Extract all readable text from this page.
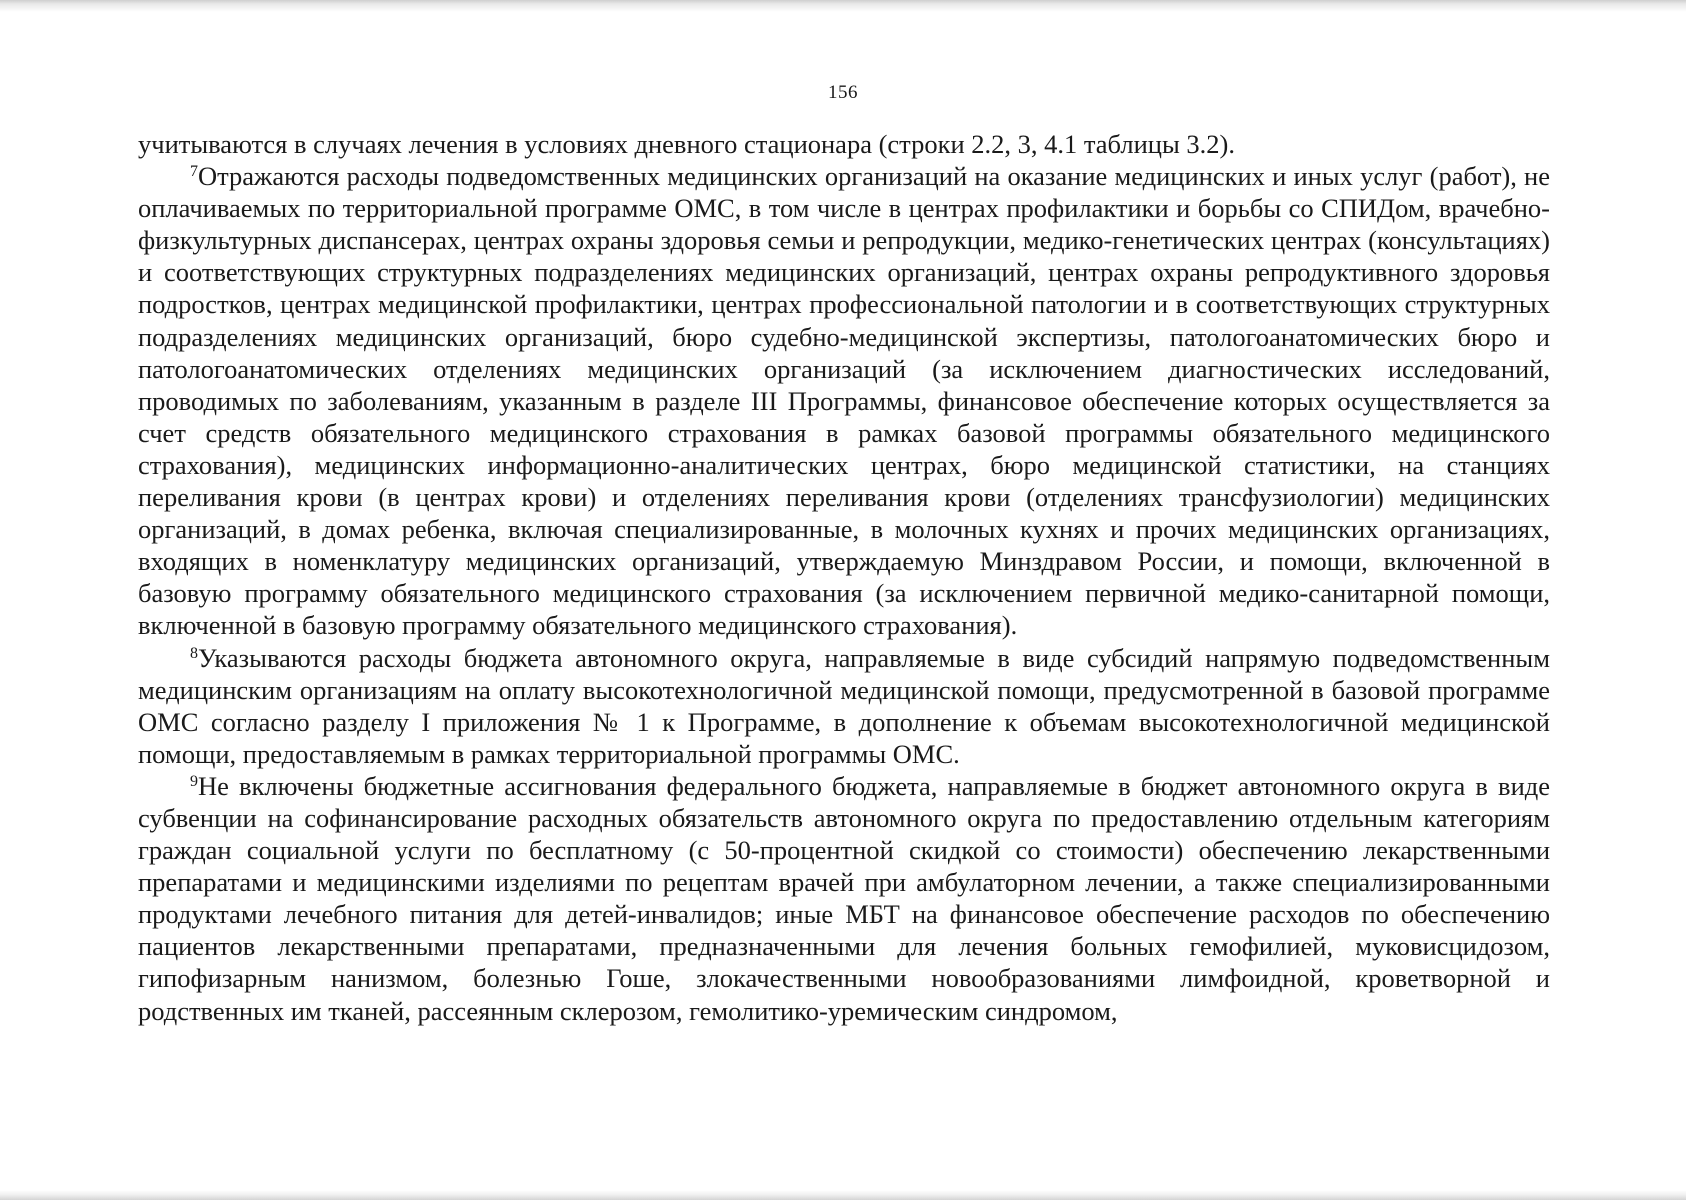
156

учитываются в случаях лечения в условиях дневного стационара (строки 2.2, 3, 4.1 таблицы 3.2).

$^7$Отражаются расходы подведомственных медицинских организаций на оказание медицинских и иных услуг (работ), не оплачиваемых по территориальной программе ОМС, в том числе в центрах профилактики и борьбы со СПИДом, врачебно-физкультурных диспансерах, центрах охраны здоровья семьи и репродукции, медико-генетических центрах (консультациях) и соответствующих структурных подразделениях медицинских организаций, центрах охраны репродуктивного здоровья подростков, центрах медицинской профилактики, центрах профессиональной патологии и в соответствующих структурных подразделениях медицинских организаций, бюро судебно-медицинской экспертизы, патологоанатомических бюро и патологоанатомических отделениях медицинских организаций (за исключением диагностических исследований, проводимых по заболеваниям, указанным в разделе III Программы, финансовое обеспечение которых осуществляется за счет средств обязательного медицинского страхования в рамках базовой программы обязательного медицинского страхования), медицинских информационно-аналитических центрах, бюро медицинской статистики, на станциях переливания крови (в центрах крови) и отделениях переливания крови (отделениях трансфузиологии) медицинских организаций, в домах ребенка, включая специализированные, в молочных кухнях и прочих медицинских организациях, входящих в номенклатуру медицинских организаций, утверждаемую Минздравом России, и помощи, включенной в базовую программу обязательного медицинского страхования (за исключением первичной медико-санитарной помощи, включенной в базовую программу обязательного медицинского страхования).

$^8$Указываются расходы бюджета автономного округа, направляемые в виде субсидий напрямую подведомственным медицинским организациям на оплату высокотехнологичной медицинской помощи, предусмотренной в базовой программе ОМС согласно разделу I приложения № 1 к Программе, в дополнение к объемам высокотехнологичной медицинской помощи, предоставляемым в рамках территориальной программы ОМС.

$^9$Не включены бюджетные ассигнования федерального бюджета, направляемые в бюджет автономного округа в виде субвенции на софинансирование расходных обязательств автономного округа по предоставлению отдельным категориям граждан социальной услуги по бесплатному (с 50-процентной скидкой со стоимости) обеспечению лекарственными препаратами и медицинскими изделиями по рецептам врачей при амбулаторном лечении, а также специализированными продуктами лечебного питания для детей-инвалидов; иные МБТ на финансовое обеспечение расходов по обеспечению пациентов лекарственными препаратами, предназначенными для лечения больных гемофилией, муковисцидозом, гипофизарным нанизмом, болезнью Гоше, злокачественными новообразованиями лимфоидной, кроветворной и родственных им тканей, рассеянным склерозом, гемолитико-уремическим синдромом,
